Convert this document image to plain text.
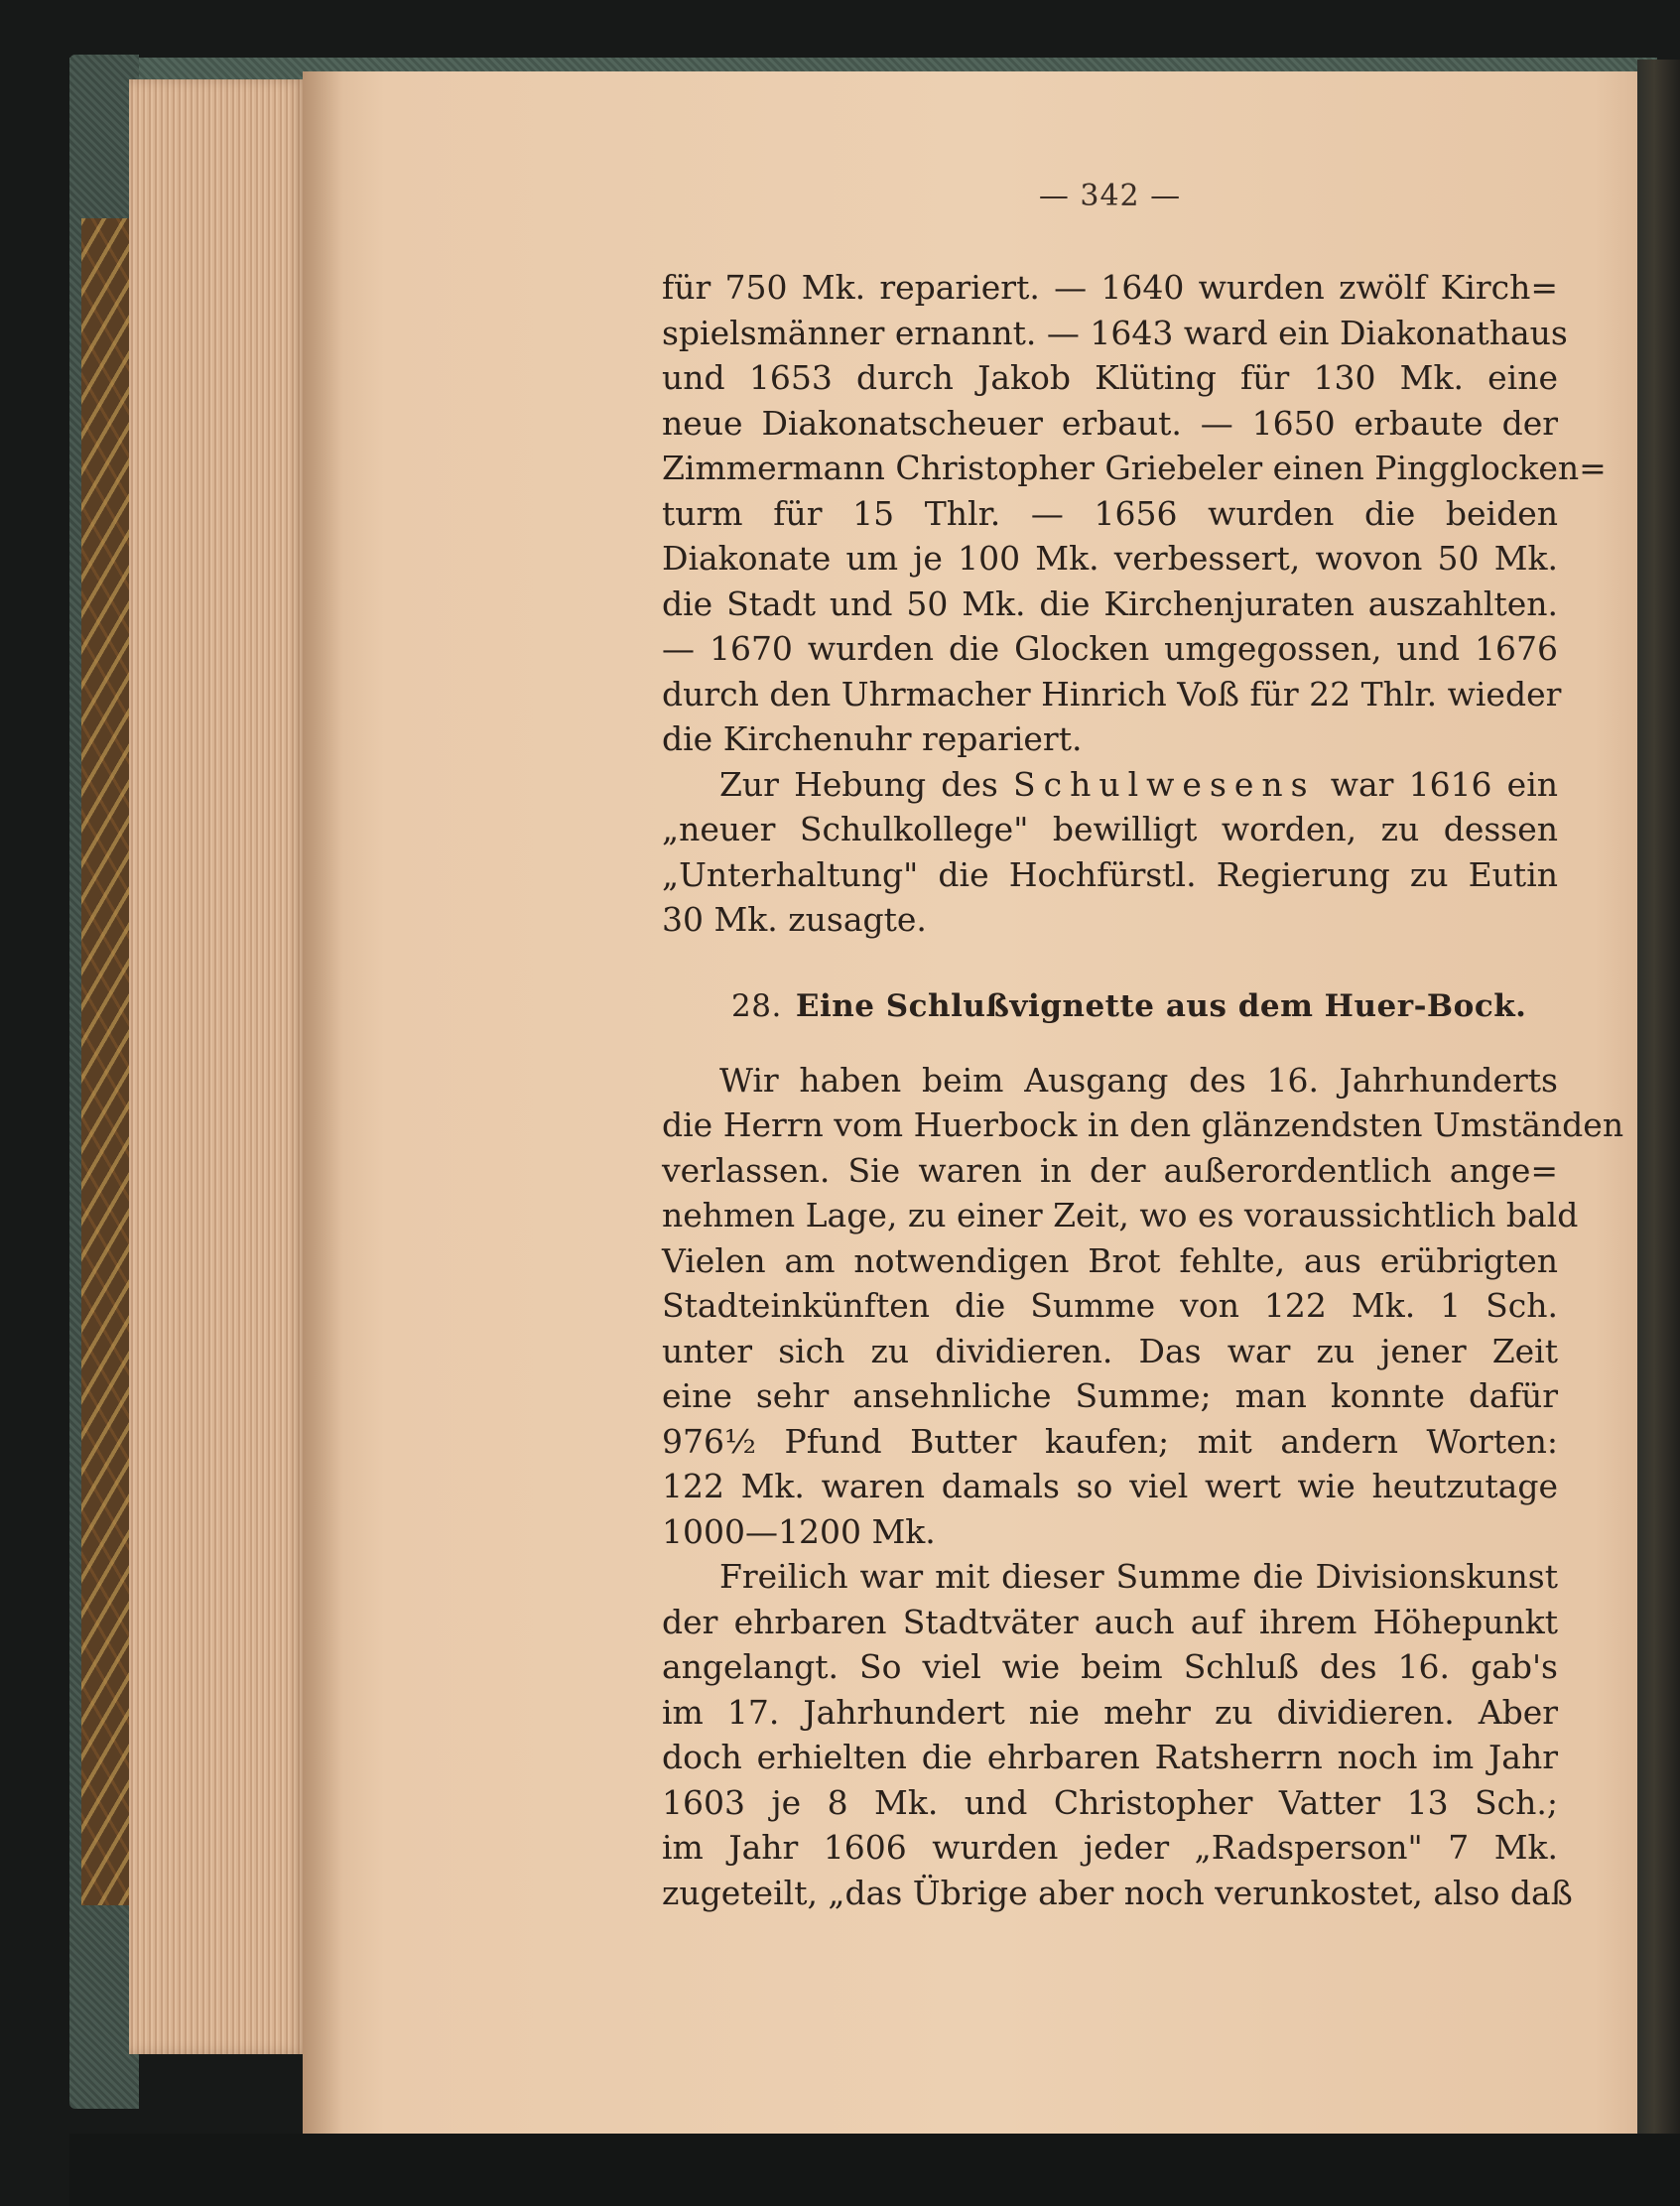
— 342 —

für 750 Mk. repariert. — 1640 wurden zwölf Kirch=
spielsmänner ernannt. — 1643 ward ein Diakonathaus
und 1653 durch Jakob Klüting für 130 Mk. eine
neue Diakonatscheuer erbaut. — 1650 erbaute der
Zimmermann Christopher Griebeler einen Pingglocken=
turm für 15 Thlr. — 1656 wurden die beiden
Diakonate um je 100 Mk. verbessert, wovon 50 Mk.
die Stadt und 50 Mk. die Kirchenjuraten auszahlten.
— 1670 wurden die Glocken umgegossen, und 1676
durch den Uhrmacher Hinrich Voß für 22 Thlr. wieder
die Kirchenuhr repariert.

Zur Hebung des Schulwesens war 1616 ein
„neuer Schulkollege" bewilligt worden, zu dessen
„Unterhaltung" die Hochfürstl. Regierung zu Eutin
30 Mk. zusagte.

28. Eine Schlußvignette aus dem Huer-Bock.

Wir haben beim Ausgang des 16. Jahrhunderts
die Herrn vom Huerbock in den glänzendsten Umständen
verlassen. Sie waren in der außerordentlich ange=
nehmen Lage, zu einer Zeit, wo es voraussichtlich bald
Vielen am notwendigen Brot fehlte, aus erübrigten
Stadteinkünften die Summe von 122 Mk. 1 Sch.
unter sich zu dividieren. Das war zu jener Zeit
eine sehr ansehnliche Summe; man konnte dafür
976½ Pfund Butter kaufen; mit andern Worten:
122 Mk. waren damals so viel wert wie heutzutage
1000—1200 Mk.

Freilich war mit dieser Summe die Divisionskunst
der ehrbaren Stadtväter auch auf ihrem Höhepunkt
angelangt. So viel wie beim Schluß des 16. gab's
im 17. Jahrhundert nie mehr zu dividieren. Aber
doch erhielten die ehrbaren Ratsherrn noch im Jahr
1603 je 8 Mk. und Christopher Vatter 13 Sch.;
im Jahr 1606 wurden jeder „Radsperson" 7 Mk.
zugeteilt, „das Übrige aber noch verunkostet, also daß
